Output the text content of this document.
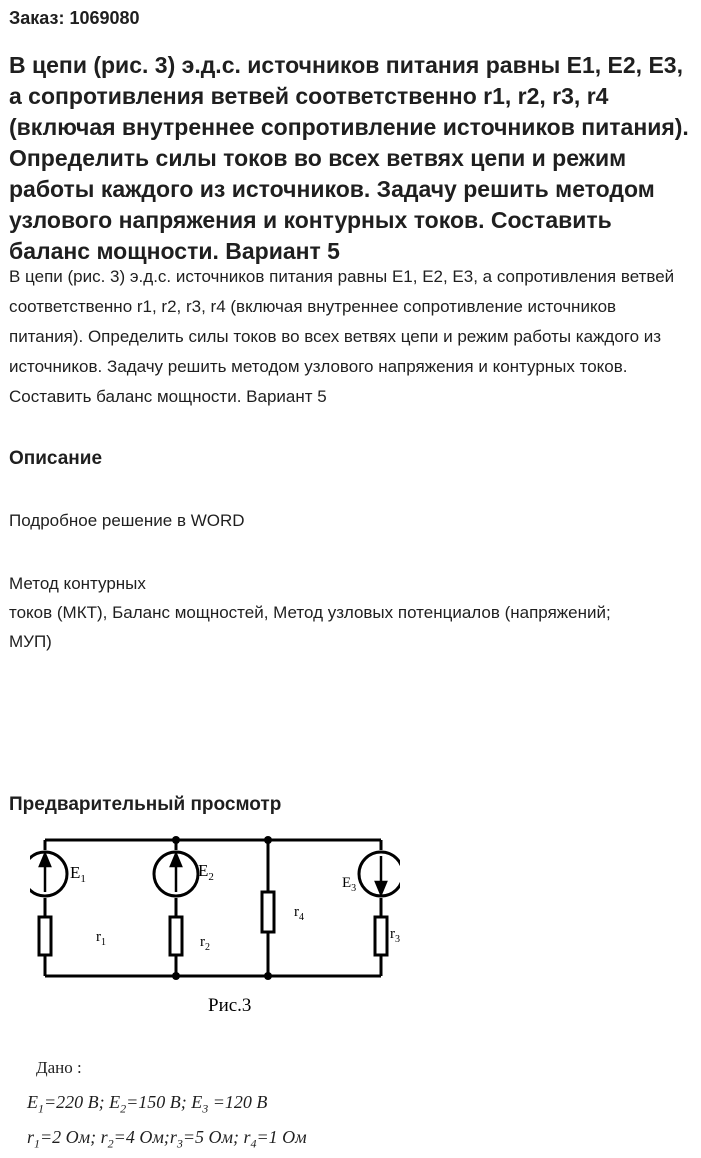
Заказ: 1069080
В цепи (рис. 3) э.д.с. источников питания равны E1, E2, E3, а сопротивления ветвей соответственно r1, r2, r3, r4 (включая внутреннее сопротивление источников питания). Определить силы токов во всех ветвях цепи и режим работы каждого из источников. Задачу решить методом узлового напряжения и контурных токов. Составить баланс мощности. Вариант 5

В цепи (рис. 3) э.д.с. источников питания равны E1, E2, E3, а сопротивления ветвей соответственно r1, r2, r3, r4 (включая внутреннее сопротивление источников питания). Определить силы токов во всех ветвях цепи и режим работы каждого из источников. Задачу решить методом узлового напряжения и контурных токов. Составить баланс мощности. Вариант 5

Описание

Подробное решение в WORD

Метод контурных
токов (МКТ), Баланс мощностей, Метод узловых потенциалов (напряжений; МУП)
Предварительный просмотр
$E_1$	$E_2$	$E_3$
$r_1$	$r_2$
$r_4$
$r_3$
Рис.3
Дано :
$E_1=220$ В; $E_2=150$ В; $E_3 =120$ В
$r_1=2$ Ом; $r_2=4$ $Ом;r_3=5$ Ом; $r_4=1$ Ом
